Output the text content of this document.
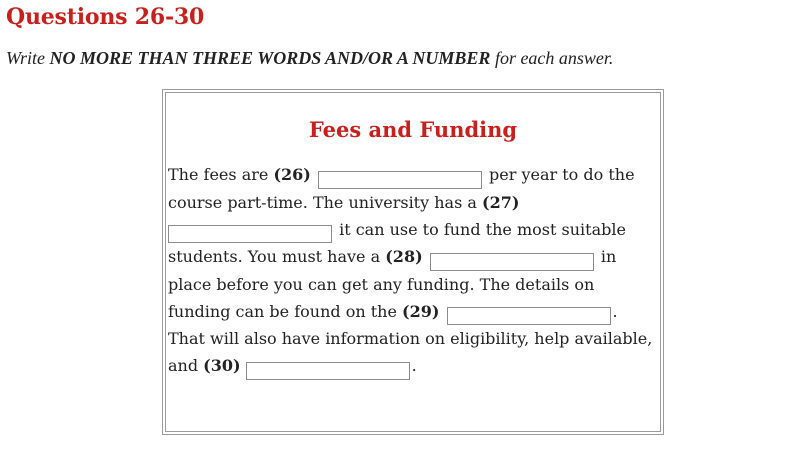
Questions 26-30

Write NO MORE THAN THREE WORDS AND/OR A NUMBER for each answer.

Fees and Funding
The fees are (26)	per year to do the course part-time. The university has a (27)  it can use to fund the most suitable students. You must have a (28)	in place before you can get any funding. The details on funding can be found on the (29)	. That will also have information on eligibility, help available, and (30)	.
